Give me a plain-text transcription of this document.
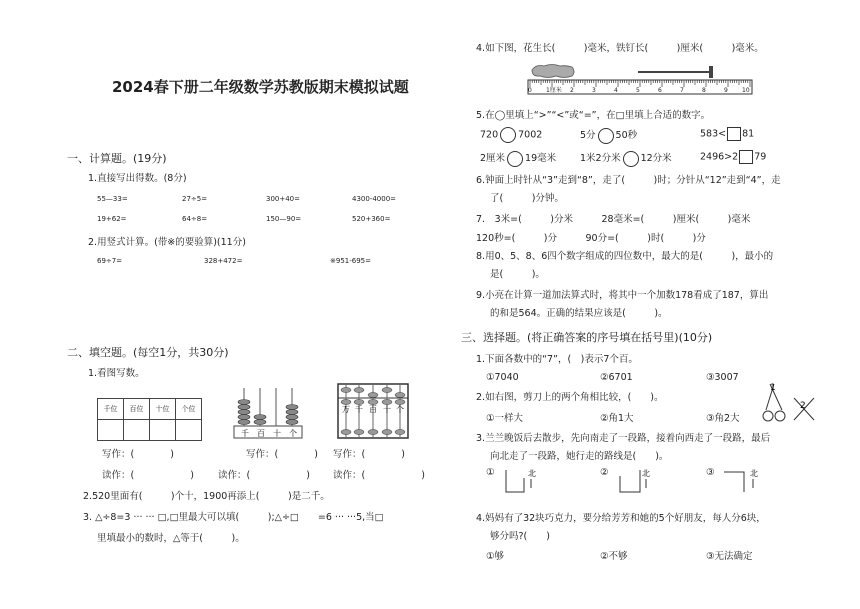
2024春下册二年级数学苏教版期末模拟试题
一、计算题。(19分)
1.直接写出得数。(8分)
55—33=	27÷5=	300+40=	4300-4000=
19+62=	64÷8=	150—90=	520+360=
2.用竖式计算。(带※的要验算)(11分)
69÷7=	328+472=	※951-695=
二、填空题。(每空1分，共30分)
1.看图写数。
千位	百位	十位	个位

千 百 十 个
万 千 百 十 个
写作：(	)	写作：(	) 写作：(	)
读作：(	)	读作：(	) 读作：(	)
2.520里面有(　　　)个十，1900再添上(　　　)是二千。
3. △÷8=3 ··· ··· □,□里最大可以填(　　　);△÷□　　=6 ··· ···5,当□
里填最小的数时，△等于(　　　)。
4.如下图，花生长(　　　)毫米，铁钉长(　　　)厘米(　　　)毫米。
0 1厘米 2	3	4	5	6	7	8	9 10
5.在◯里填上“>”“<”或“=”，在□里填上合适的数字。
720 7002	5分 50秒	583< 81
2厘米 19毫米	1米2分米 12分米	2496>2 79
6.钟面上时针从“3”走到“8”，走了(　　　)时；分针从“12”走到“4”，走
了(　　　)分钟。
7.　3米=(　　　)分米　　　28毫米=(　　　)厘米(　　　)毫米
120秒=(　　　)分　　　90分=(　　　)时(　　　)分
8.用0、5、8、6四个数字组成的四位数中，最大的是(　　　)，最小的
是(　　　)。
9.小亮在计算一道加法算式时，将其中一个加数178看成了187，算出
的和是564。正确的结果应该是(　　　)。
三、选择题。(将正确答案的序号填在括号里)(10分)
1.下面各数中的“7”，(　)表示7个百。
①7040	②6701	③3007
2.如右图，剪刀上的两个角相比较，(　　)。
①一样大	②角1大	③角2大
1
2
3.兰兰晚饭后去散步，先向南走了一段路，接着向西走了一段路，最后
向北走了一段路，她行走的路线是(　　)。
①	北	②	北	③	北
4.妈妈有了32块巧克力，要分给芳芳和她的5个好朋友，每人分6块，
够分吗?(　　)
①够	②不够	③无法确定
